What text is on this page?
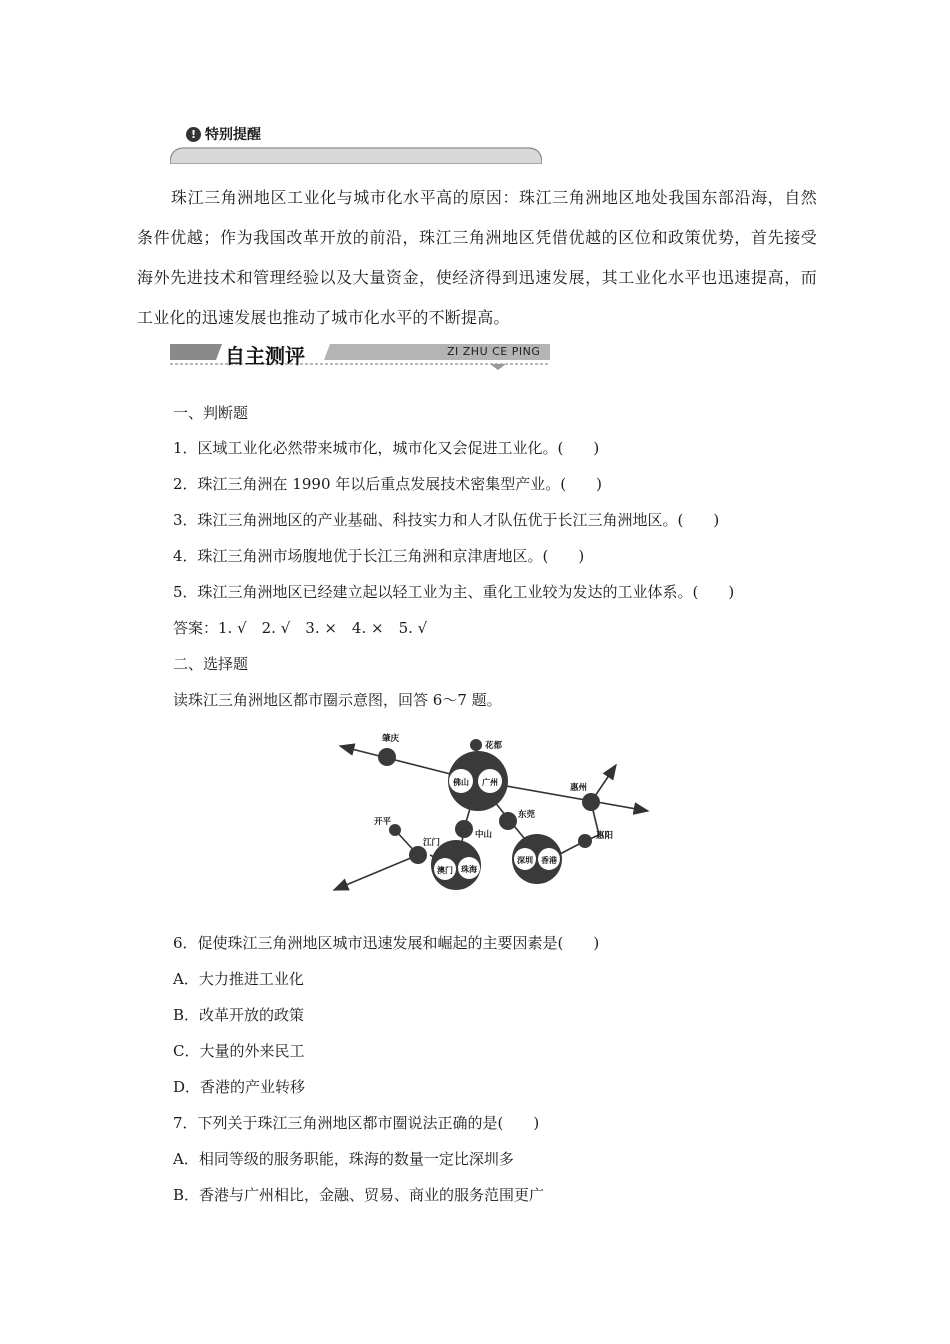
! 特别提醒
珠江三角洲地区工业化与城市化水平高的原因：珠江三角洲地区地处我国东部沿海，自然条件优越；作为我国改革开放的前沿，珠江三角洲地区凭借优越的区位和政策优势，首先接受海外先进技术和管理经验以及大量资金，使经济得到迅速发展，其工业化水平也迅速提高，而工业化的迅速发展也推动了城市化水平的不断提高。
自主测评	ZI ZHU CE PING
一、判断题
1．区域工业化必然带来城市化，城市化又会促进工业化。(　　)
2．珠江三角洲在 1990 年以后重点发展技术密集型产业。(　　)
3．珠江三角洲地区的产业基础、科技实力和人才队伍优于长江三角洲地区。(　　)
4．珠江三角洲市场腹地优于长江三角洲和京津唐地区。(　　)
5．珠江三角洲地区已经建立起以轻工业为主、重化工业较为发达的工业体系。(　　)
答案：1. √　2. √　3. ×　4. ×　5. √
二、选择题
读珠江三角洲地区都市圈示意图，回答 6～7 题。
肇庆
花都
佛山 广州
惠州
东莞
开平
江门
中山	惠阳
澳门 珠海
深圳 香港
6．促使珠江三角洲地区城市迅速发展和崛起的主要因素是(　　)
A．大力推进工业化
B．改革开放的政策
C．大量的外来民工
D．香港的产业转移
7．下列关于珠江三角洲地区都市圈说法正确的是(　　)
A．相同等级的服务职能，珠海的数量一定比深圳多
B．香港与广州相比，金融、贸易、商业的服务范围更广
